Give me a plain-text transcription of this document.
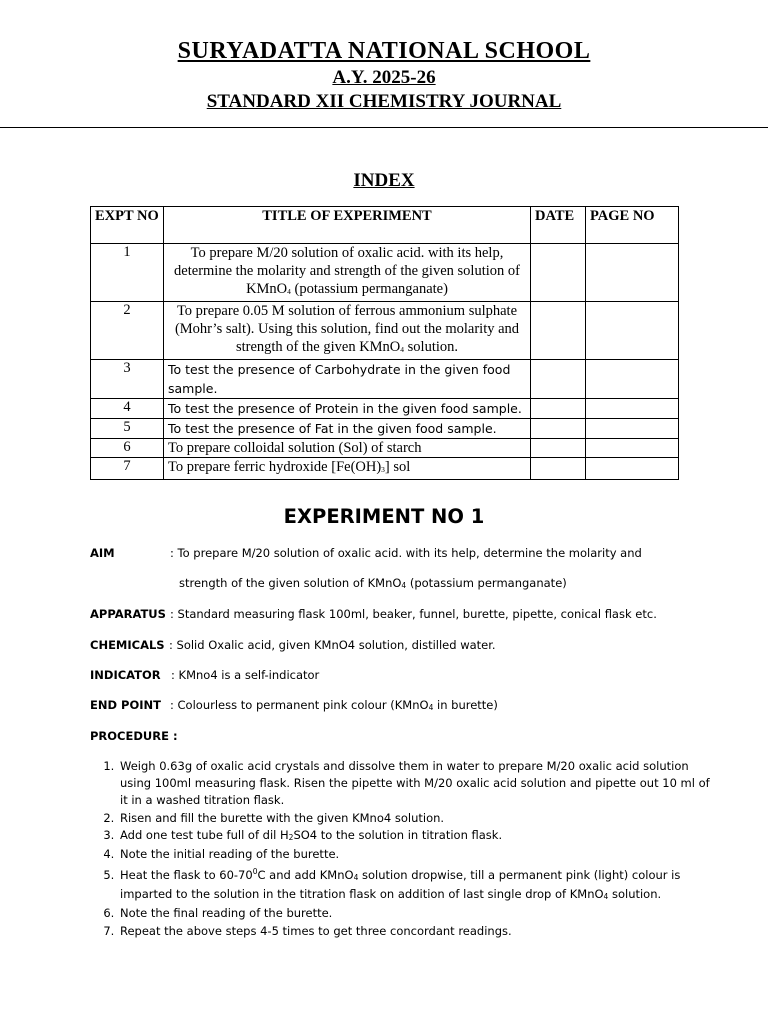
SURYADATTA NATIONAL SCHOOL
A.Y. 2025-26
STANDARD XII CHEMISTRY JOURNAL
INDEX
EXPT NO	TITLE OF EXPERIMENT	DATE	PAGE NO
1	To prepare M/20 solution of oxalic acid. with its help, determine the molarity and strength of the given solution of KMnO$_4$ (potassium permanganate)		
2	To prepare 0.05 M solution of ferrous ammonium sulphate (Mohr’s salt). Using this solution, find out the molarity and strength of the given KMnO$_4$ solution.		
3	To test the presence of Carbohydrate in the given food sample.		
4	To test the presence of Protein in the given food sample.		
5	To test the presence of Fat in the given food sample.		
6	To prepare colloidal solution (Sol) of starch		
7	To prepare ferric hydroxide $[Fe(OH)_3]$ sol		
EXPERIMENT NO 1
AIM	: To prepare M/20 solution of oxalic acid. with its help, determine the molarity and
strength of the given solution of KMnO$_4$ (potassium permanganate)
APPARATUS : Standard measuring flask 100ml, beaker, funnel, burette, pipette, conical flask etc.
CHEMICALS : Solid Oxalic acid, given KMnO4 solution, distilled water.
INDICATOR : KMno4 is a self-indicator
END POINT : Colourless to permanent pink colour (KMnO$_4$ in burette)
PROCEDURE :
1. Weigh 0.63g of oxalic acid crystals and dissolve them in water to prepare M/20 oxalic acid solution using 100ml measuring flask. Risen the pipette with M/20 oxalic acid solution and pipette out 10 ml of it in a washed titration flask.
2. Risen and fill the burette with the given KMno4 solution.
3. Add one test tube full of dil $H_2SO4$ to the solution in titration flask.
4. Note the initial reading of the burette.
5. Heat the flask to $60-70^0C$ and add KMnO$_4$ solution dropwise, till a permanent pink (light) colour is imparted to the solution in the titration flask on addition of last single drop of KMnO$_4$ solution.
6. Note the final reading of the burette.
7. Repeat the above steps 4-5 times to get three concordant readings.
